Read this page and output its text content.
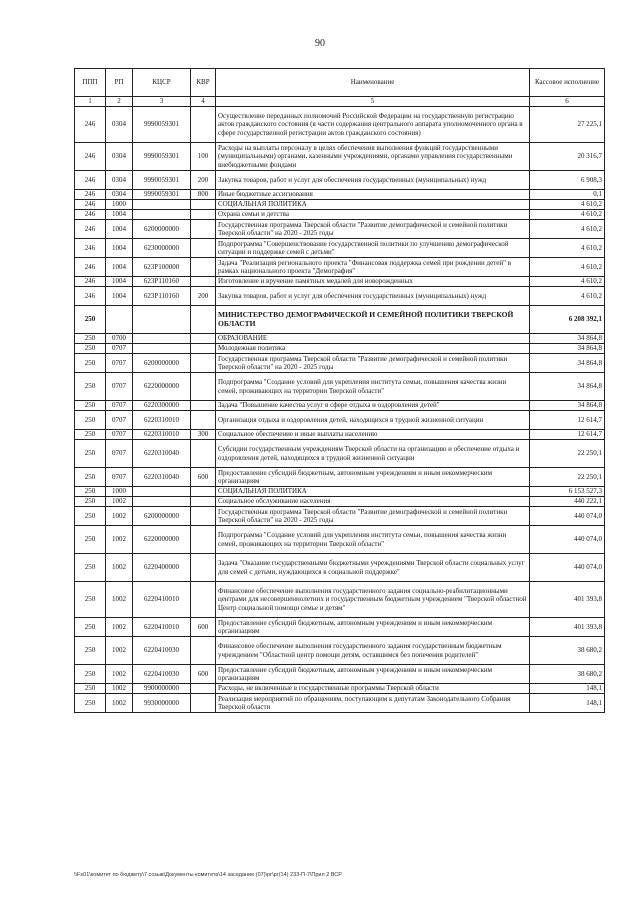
90
ППП	РП	КЦСР	КВР	Наименование	Кассовое исполнение
1	2	3	4	5	6
246	0304	9990059301		Осуществление переданных полномочий Российской Федерации на государственную регистрацию актов гражданского состояния (в части содержания центрального аппарата уполномоченного органа в сфере государственной регистрации актов гражданского состояния)	27 225,1
246	0304	9990059301	100	Расходы на выплаты персоналу в целях обеспечения выполнения функций государственными (муниципальными) органами, казенными учреждениями, органами управления государственными внебюджетными фондами	20 316,7
246	0304	9990059301	200	Закупка товаров, работ и услуг для обеспечения государственных (муниципальных) нужд	6 908,3
246	0304	9990059301	800	Иные бюджетные ассигнования	0,1
246	1000			СОЦИАЛЬНАЯ ПОЛИТИКА	4 610,2
246	1004			Охрана семьи и детства	4 610,2
246	1004	6200000000		Государственная программа Тверской области "Развитие демографической и семейной политики Тверской области" на 2020 - 2025 годы	4 610,2
246	1004	6230000000		Подпрограмма "Совершенствование государственной политики по улучшению демографической ситуации и поддержке семей с детьми"	4 610,2
246	1004	623P100000		Задача "Реализация регионального проекта "Финансовая поддержка семей при рождении детей" в рамках национального проекта "Демография"	4 610,2
246	1004	623P110160		Изготовление и вручение памятных медалей для новорожденных	4 610,2
246	1004	623P110160	200	Закупка товаров, работ и услуг для обеспечения государственных (муниципальных) нужд	4 610,2
250				МИНИСТЕРСТВО ДЕМОГРАФИЧЕСКОЙ И СЕМЕЙНОЙ ПОЛИТИКИ ТВЕРСКОЙ ОБЛАСТИ	6 208 392,1
250	0700			ОБРАЗОВАНИЕ	34 864,8
250	0707			Молодежная политика	34 864,8
250	0707	6200000000		Государственная программа Тверской области "Развитие демографической и семейной политики Тверской области" на 2020 - 2025 годы	34 864,8
250	0707	6220000000		Подпрограмма "Создание условий для укрепления института семьи, повышения качества жизни семей, проживающих на территории Тверской области"	34 864,8
250	0707	6220300000		Задача "Повышение качества услуг в сфере отдыха и оздоровления детей"	34 864,8
250	0707	6220310010		Организация отдыха и оздоровления детей, находящихся в трудной жизненной ситуации	12 614,7
250	0707	6220310010	300	Социальное обеспечение и иные выплаты населению	12 614,7
250	0707	6220310040		Субсидии государственным учреждениям Тверской области на организацию и обеспечение отдыха и оздоровления детей, находящихся в трудной жизненной ситуации	22 250,1
250	0707	6220310040	600	Предоставление субсидий бюджетным, автономным учреждениям и иным некоммерческим организациям	22 250,1
250	1000			СОЦИАЛЬНАЯ ПОЛИТИКА	6 153 527,3
250	1002			Социальное обслуживание населения	440 222,1
250	1002	6200000000		Государственная программа Тверской области "Развитие демографической и семейной политики Тверской области" на 2020 - 2025 годы	440 074,0
250	1002	6220000000		Подпрограмма "Создание условий для укрепления института семьи, повышения качества жизни семей, проживающих на территории Тверской области"	440 074,0
250	1002	6220400000		Задача "Оказание государственными бюджетными учреждениями Тверской области социальных услуг для семей с детьми, нуждающихся в социальной поддержке"	440 074,0
250	1002	6220410010		Финансовое обеспечение выполнения государственного задания социально-реабилитационными центрами для несовершеннолетних и государственным бюджетным учреждением "Тверской областной Центр социальной помощи семье и детям"	401 393,8
250	1002	6220410010	600	Предоставление субсидий бюджетным, автономным учреждениям и иным некоммерческим организациям	401 393,8
250	1002	6220410030		Финансовое обеспечение выполнения государственного задания государственным бюджетным учреждением "Областной центр помощи детям, оставшимся без попечения родителей"	38 680,2
250	1002	6220410030	600	Предоставление субсидий бюджетным, автономным учреждениям и иным некоммерческим организациям	38 680,2
250	1002	9900000000		Расходы, не включенные в государственные программы Тверской области	148,1
250	1002	9930000000		Реализация мероприятий по обращениям, поступающим к депутатам Законодательного Собрания Тверской области	148,1
\\Fs01\комитет по бюджету\7 созыв\Документы комитета\14 заседание (07)\рг\рг(14) 233-П-7\Прил 2 ВСР
